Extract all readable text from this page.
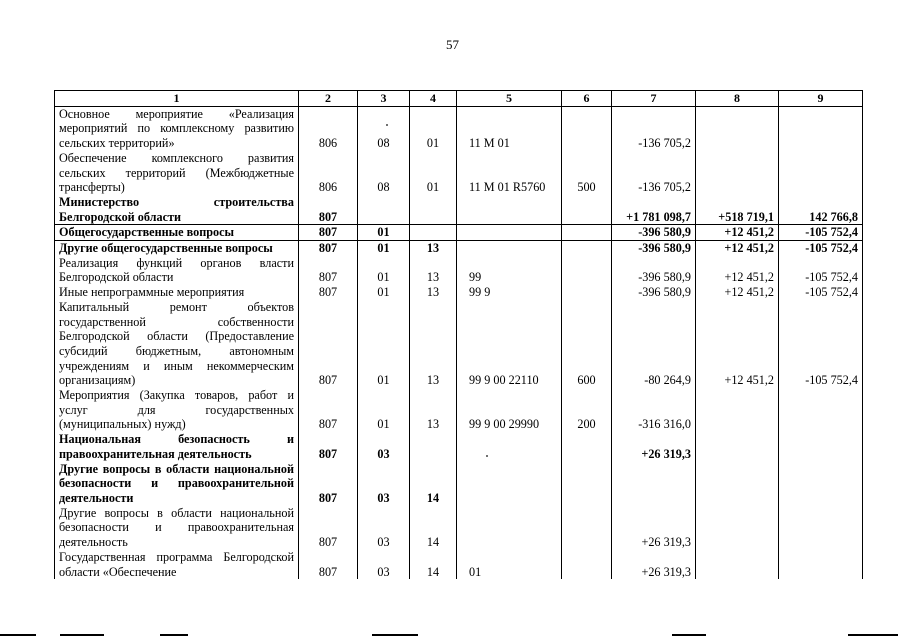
57
1	2	3	4	5	6	7	8	9
Основное мероприятие «Реализация мероприятий по комплексному развитию сельских территорий»	806	08	01	11 М 01		-136 705,2		
Обеспечение комплексного развития сельских территорий (Межбюджетные трансферты)	806	08	01	11 М 01 R5760	500	-136 705,2		
Министерство строительства Белгородской области	807					+1 781 098,7	+518 719,1	142 766,8
Общегосударственные вопросы	807	01				-396 580,9	+12 451,2	-105 752,4
Другие общегосударственные вопросы	807	01	13			-396 580,9	+12 451,2	-105 752,4
Реализация функций органов власти Белгородской области	807	01	13	99		-396 580,9	+12 451,2	-105 752,4
Иные непрограммные мероприятия	807	01	13	99 9		-396 580,9	+12 451,2	-105 752,4
Капитальный ремонт объектов государственной собственности Белгородской области (Предоставление субсидий бюджетным, автономным учреждениям и иным некоммерческим организациям)	807	01	13	99 9 00 22110	600	-80 264,9	+12 451,2	-105 752,4
Мероприятия (Закупка товаров, работ и услуг для государственных (муниципальных) нужд)	807	01	13	99 9 00 29990	200	-316 316,0		
Национальная безопасность и правоохранительная деятельность	807	03				+26 319,3		
Другие вопросы в области национальной безопасности и правоохранительной деятельности	807	03	14					
Другие вопросы в области национальной безопасности и правоохранительная деятельность	807	03	14			+26 319,3		
Государственная программа Белгородской области «Обеспечение	807	03	14	01		+26 319,3		
